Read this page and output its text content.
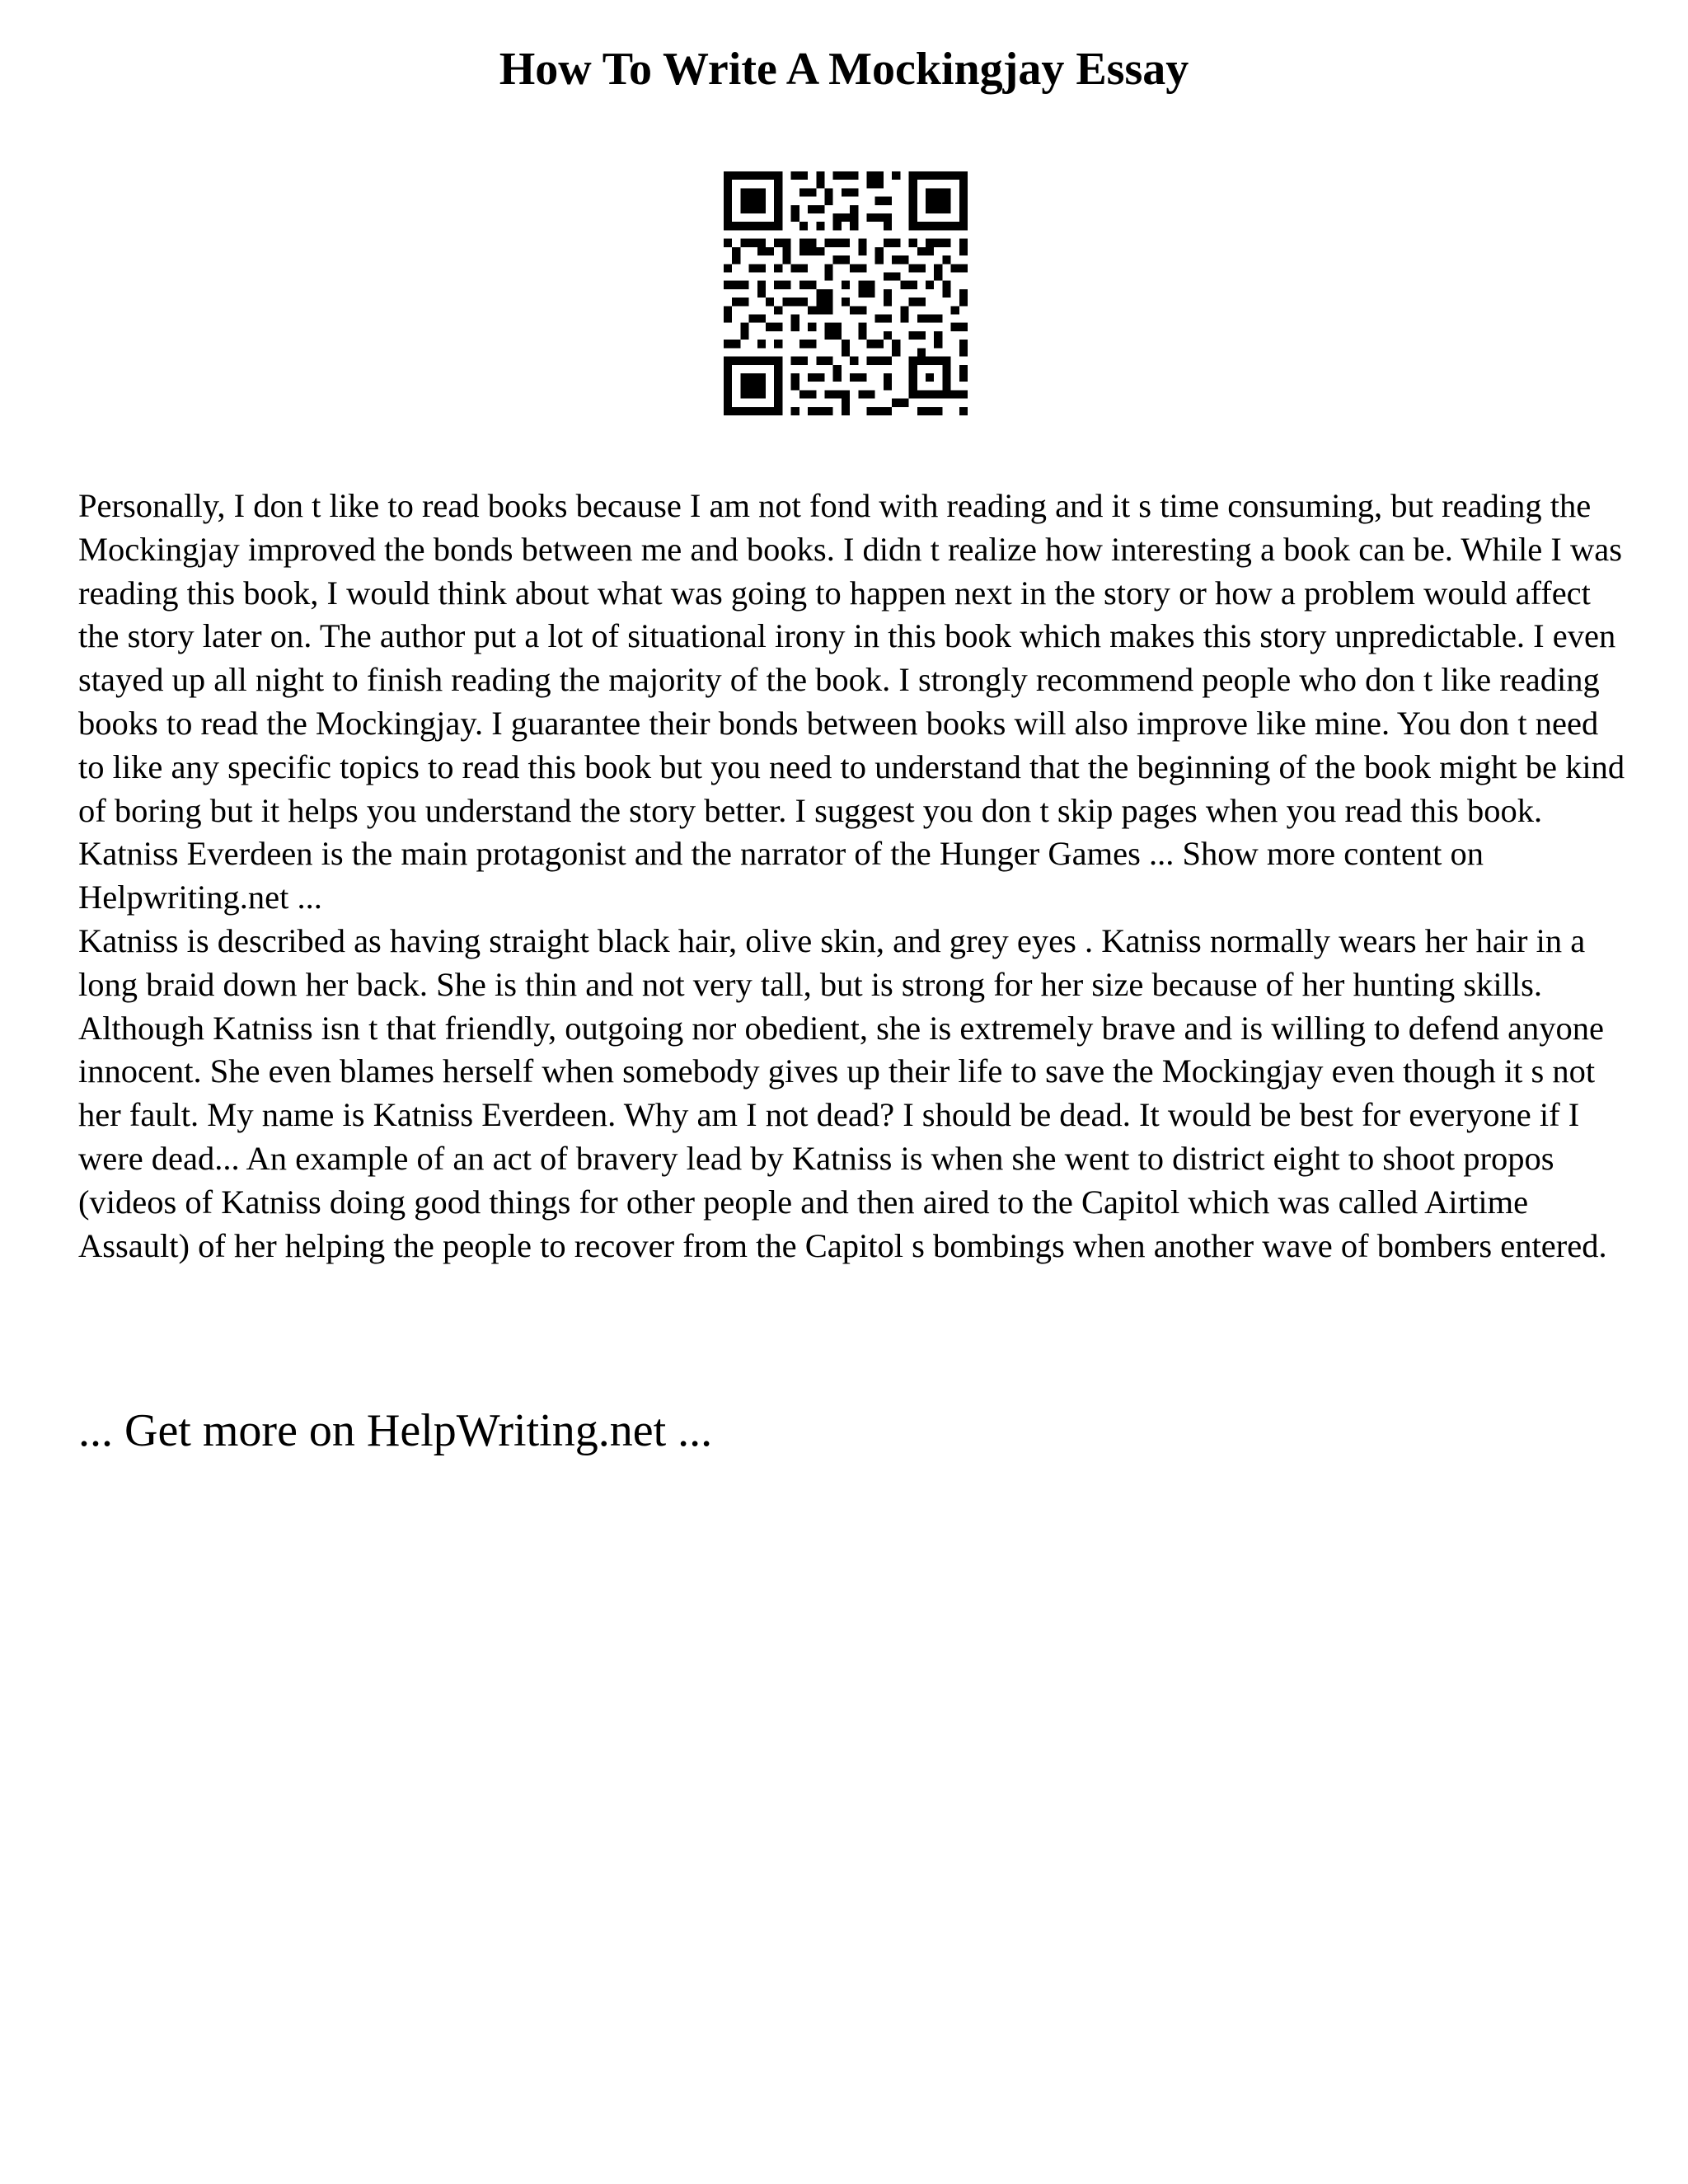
How To Write A Mockingjay Essay

Personally, I don t like to read books because I am not fond with reading and it s time consuming, but reading the Mockingjay improved the bonds between me and books. I didn t realize how interesting a book can be. While I was reading this book, I would think about what was going to happen next in the story or how a problem would affect the story later on. The author put a lot of situational irony in this book which makes this story unpredictable. I even stayed up all night to finish reading the majority of the book. I strongly recommend people who don t like reading books to read the Mockingjay. I guarantee their bonds between books will also improve like mine. You don t need to like any specific topics to read this book but you need to understand that the beginning of the book might be kind of boring but it helps you understand the story better. I suggest you don t skip pages when you read this book. Katniss Everdeen is the main protagonist and the narrator of the Hunger Games ... Show more content on Helpwriting.net ...

Katniss is described as having straight black hair, olive skin, and grey eyes . Katniss normally wears her hair in a long braid down her back. She is thin and not very tall, but is strong for her size because of her hunting skills. Although Katniss isn t that friendly, outgoing nor obedient, she is extremely brave and is willing to defend anyone innocent. She even blames herself when somebody gives up their life to save the Mockingjay even though it s not her fault. My name is Katniss Everdeen. Why am I not dead? I should be dead. It would be best for everyone if I were dead... An example of an act of bravery lead by Katniss is when she went to district eight to shoot propos (videos of Katniss doing good things for other people and then aired to the Capitol which was called Airtime Assault) of her helping the people to recover from the Capitol s bombings when another wave of bombers entered.

... Get more on HelpWriting.net ...
